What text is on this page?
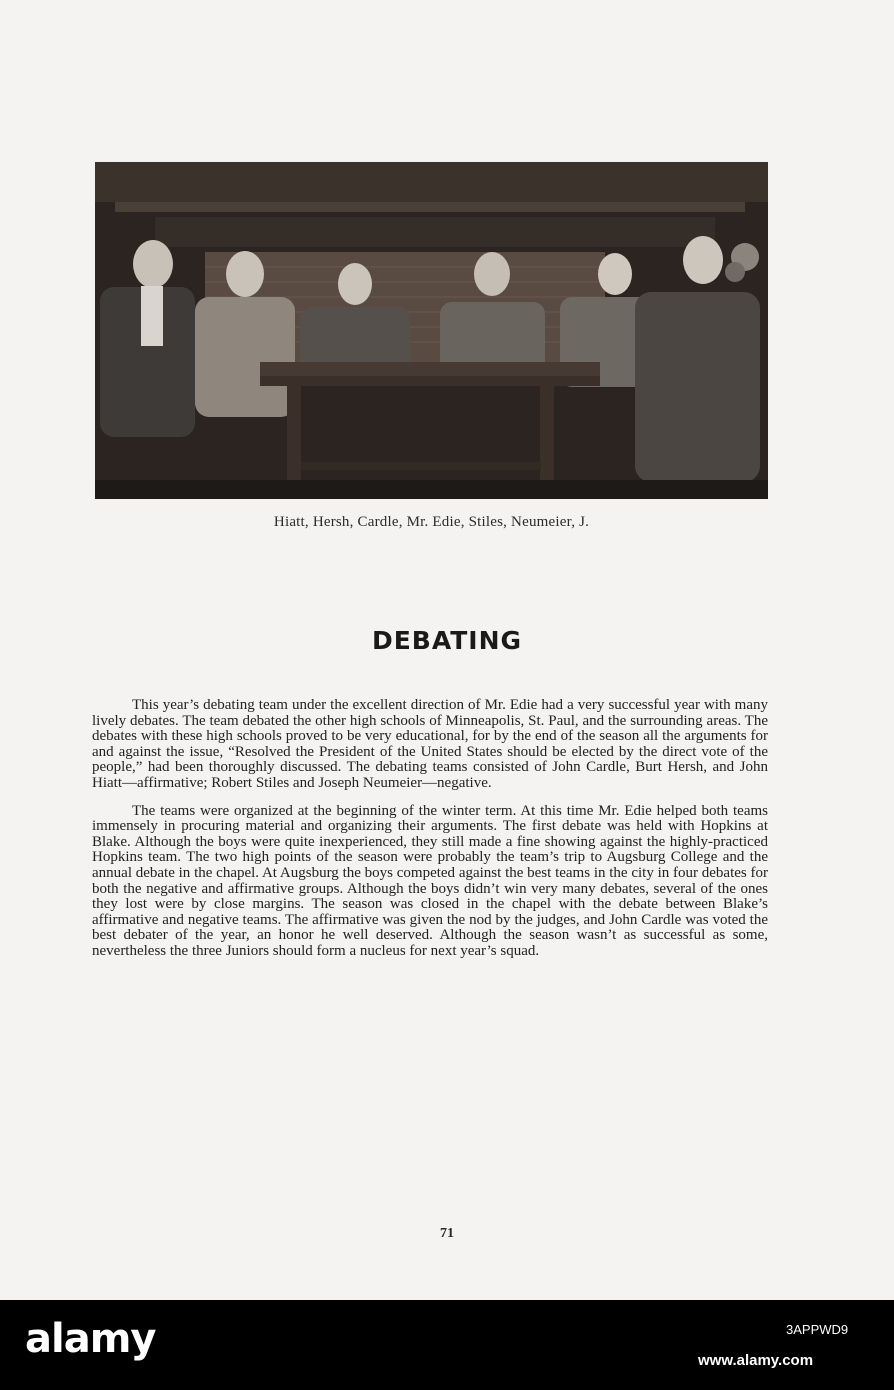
Hiatt, Hersh, Cardle, Mr. Edie, Stiles, Neumeier, J.
DEBATING

This year’s debating team under the excellent direction of Mr. Edie had a very successful year with many lively debates. The team debated the other high schools of Minneapolis, St. Paul, and the surrounding areas. The debates with these high schools proved to be very educational, for by the end of the season all the arguments for and against the issue, “Resolved the President of the United States should be elected by the direct vote of the people,” had been thoroughly discussed. The debating teams consisted of John Cardle, Burt Hersh, and John Hiatt—affirmative; Robert Stiles and Joseph Neumeier—negative.

The teams were organized at the beginning of the winter term. At this time Mr. Edie helped both teams immensely in procuring material and organizing their arguments. The first debate was held with Hopkins at Blake. Although the boys were quite inexperienced, they still made a fine showing against the highly-practiced Hopkins team. The two high points of the season were probably the team’s trip to Augsburg College and the annual debate in the chapel. At Augsburg the boys competed against the best teams in the city in four debates for both the negative and affirmative groups. Although the boys didn’t win very many debates, several of the ones they lost were by close margins. The season was closed in the chapel with the debate between Blake’s affirmative and negative teams. The affirmative was given the nod by the judges, and John Cardle was voted the best debater of the year, an honor he well deserved. Although the season wasn’t as successful as some, nevertheless the three Juniors should form a nucleus for next year’s squad.

71
alamy	3APPWD9
www.alamy.com
